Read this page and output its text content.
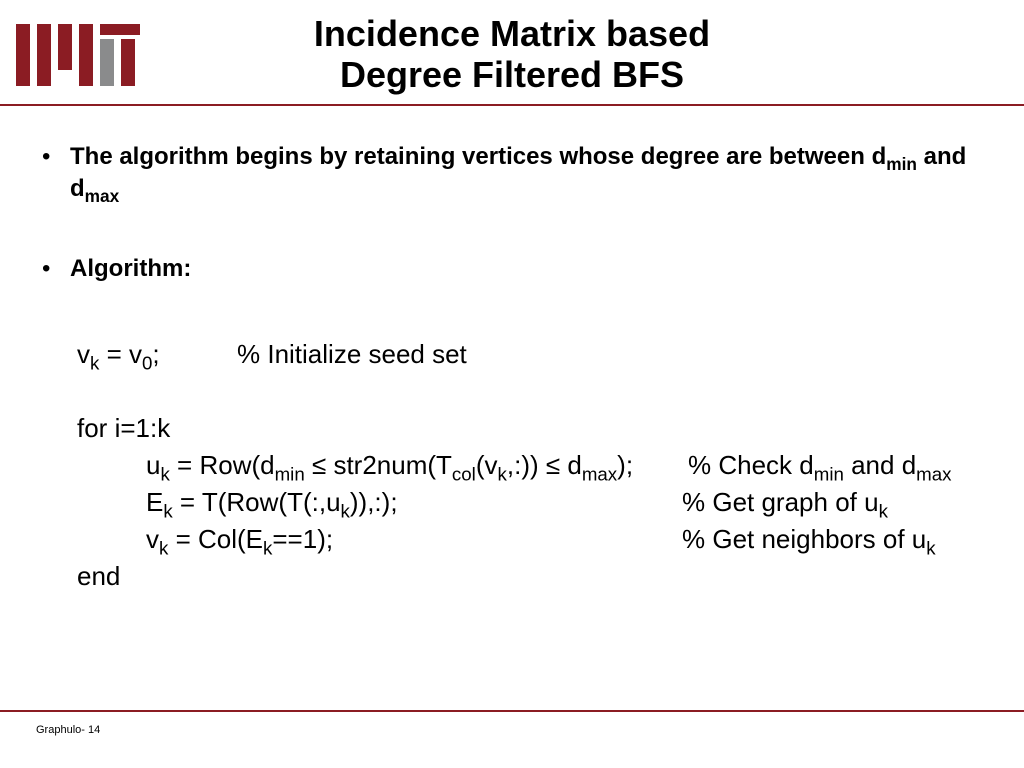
Incidence Matrix based
Degree Filtered BFS
• The algorithm begins by retaining vertices whose degree are between $d_{min}$ and $d_{max}$
• Algorithm:
$v_k = v_0$;	% Initialize seed set
for i=1:k
$u_k = Row(d_{min}$ ≤ $str2num(T_{col}(v_k,:)) \le d_{max}$); % Check $d_{min}$ and $d_{max}$
$E_k$ = $T(Row(T(:,u_k)),:)$;	% Get graph of $u_k$
$v_k = Col(E_k==1)$;	% Get neighbors of $u_k$
end
Graphulo- 14
